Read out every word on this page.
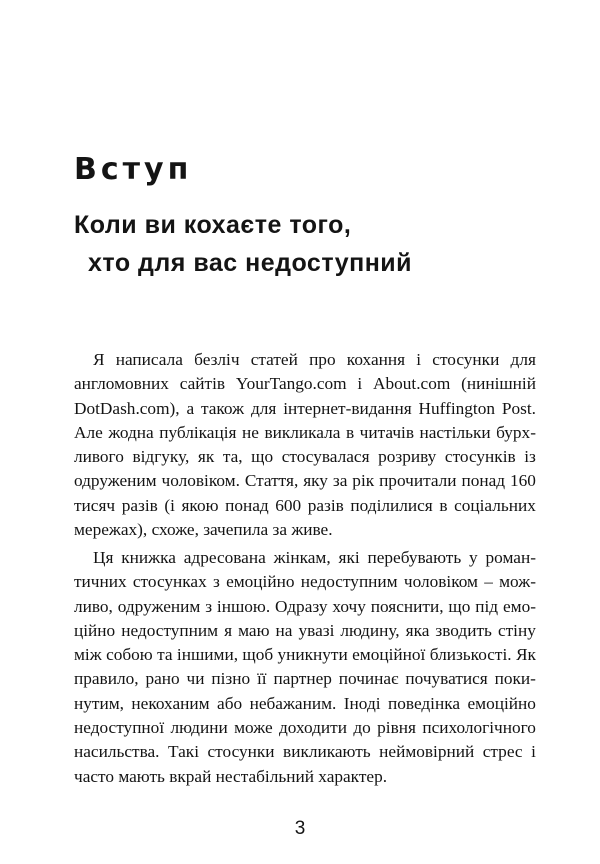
Вступ
Коли ви кохаєте того,
хто для вас недоступний
Я написала безліч статей про кохання і стосунки для
англомовних сайтів YourTango.com і About.com (нинішній
DotDash.com), а також для інтернет-видання Huffington Post.
Але жодна публікація не викликала в читачів настільки бурх-
ливого відгуку, як та, що стосувалася розриву стосунків із
одруженим чоловіком. Стаття, яку за рік прочитали понад 160
тисяч разів (і якою понад 600 разів поділилися в соціальних
мережах), схоже, зачепила за живе.
Ця книжка адресована жінкам, які перебувають у роман-
тичних стосунках з емоційно недоступним чоловіком – мож-
ливо, одруженим з іншою. Одразу хочу пояснити, що під емо-
ційно недоступним я маю на увазі людину, яка зводить стіну
між собою та іншими, щоб уникнути емоційної близькості. Як
правило, рано чи пізно її партнер починає почуватися поки-
нутим, некоханим або небажаним. Іноді поведінка емоційно
недоступної людини може доходити до рівня психологічного
насильства. Такі стосунки викликають неймовірний стрес і
часто мають вкрай нестабільний характер.
3
